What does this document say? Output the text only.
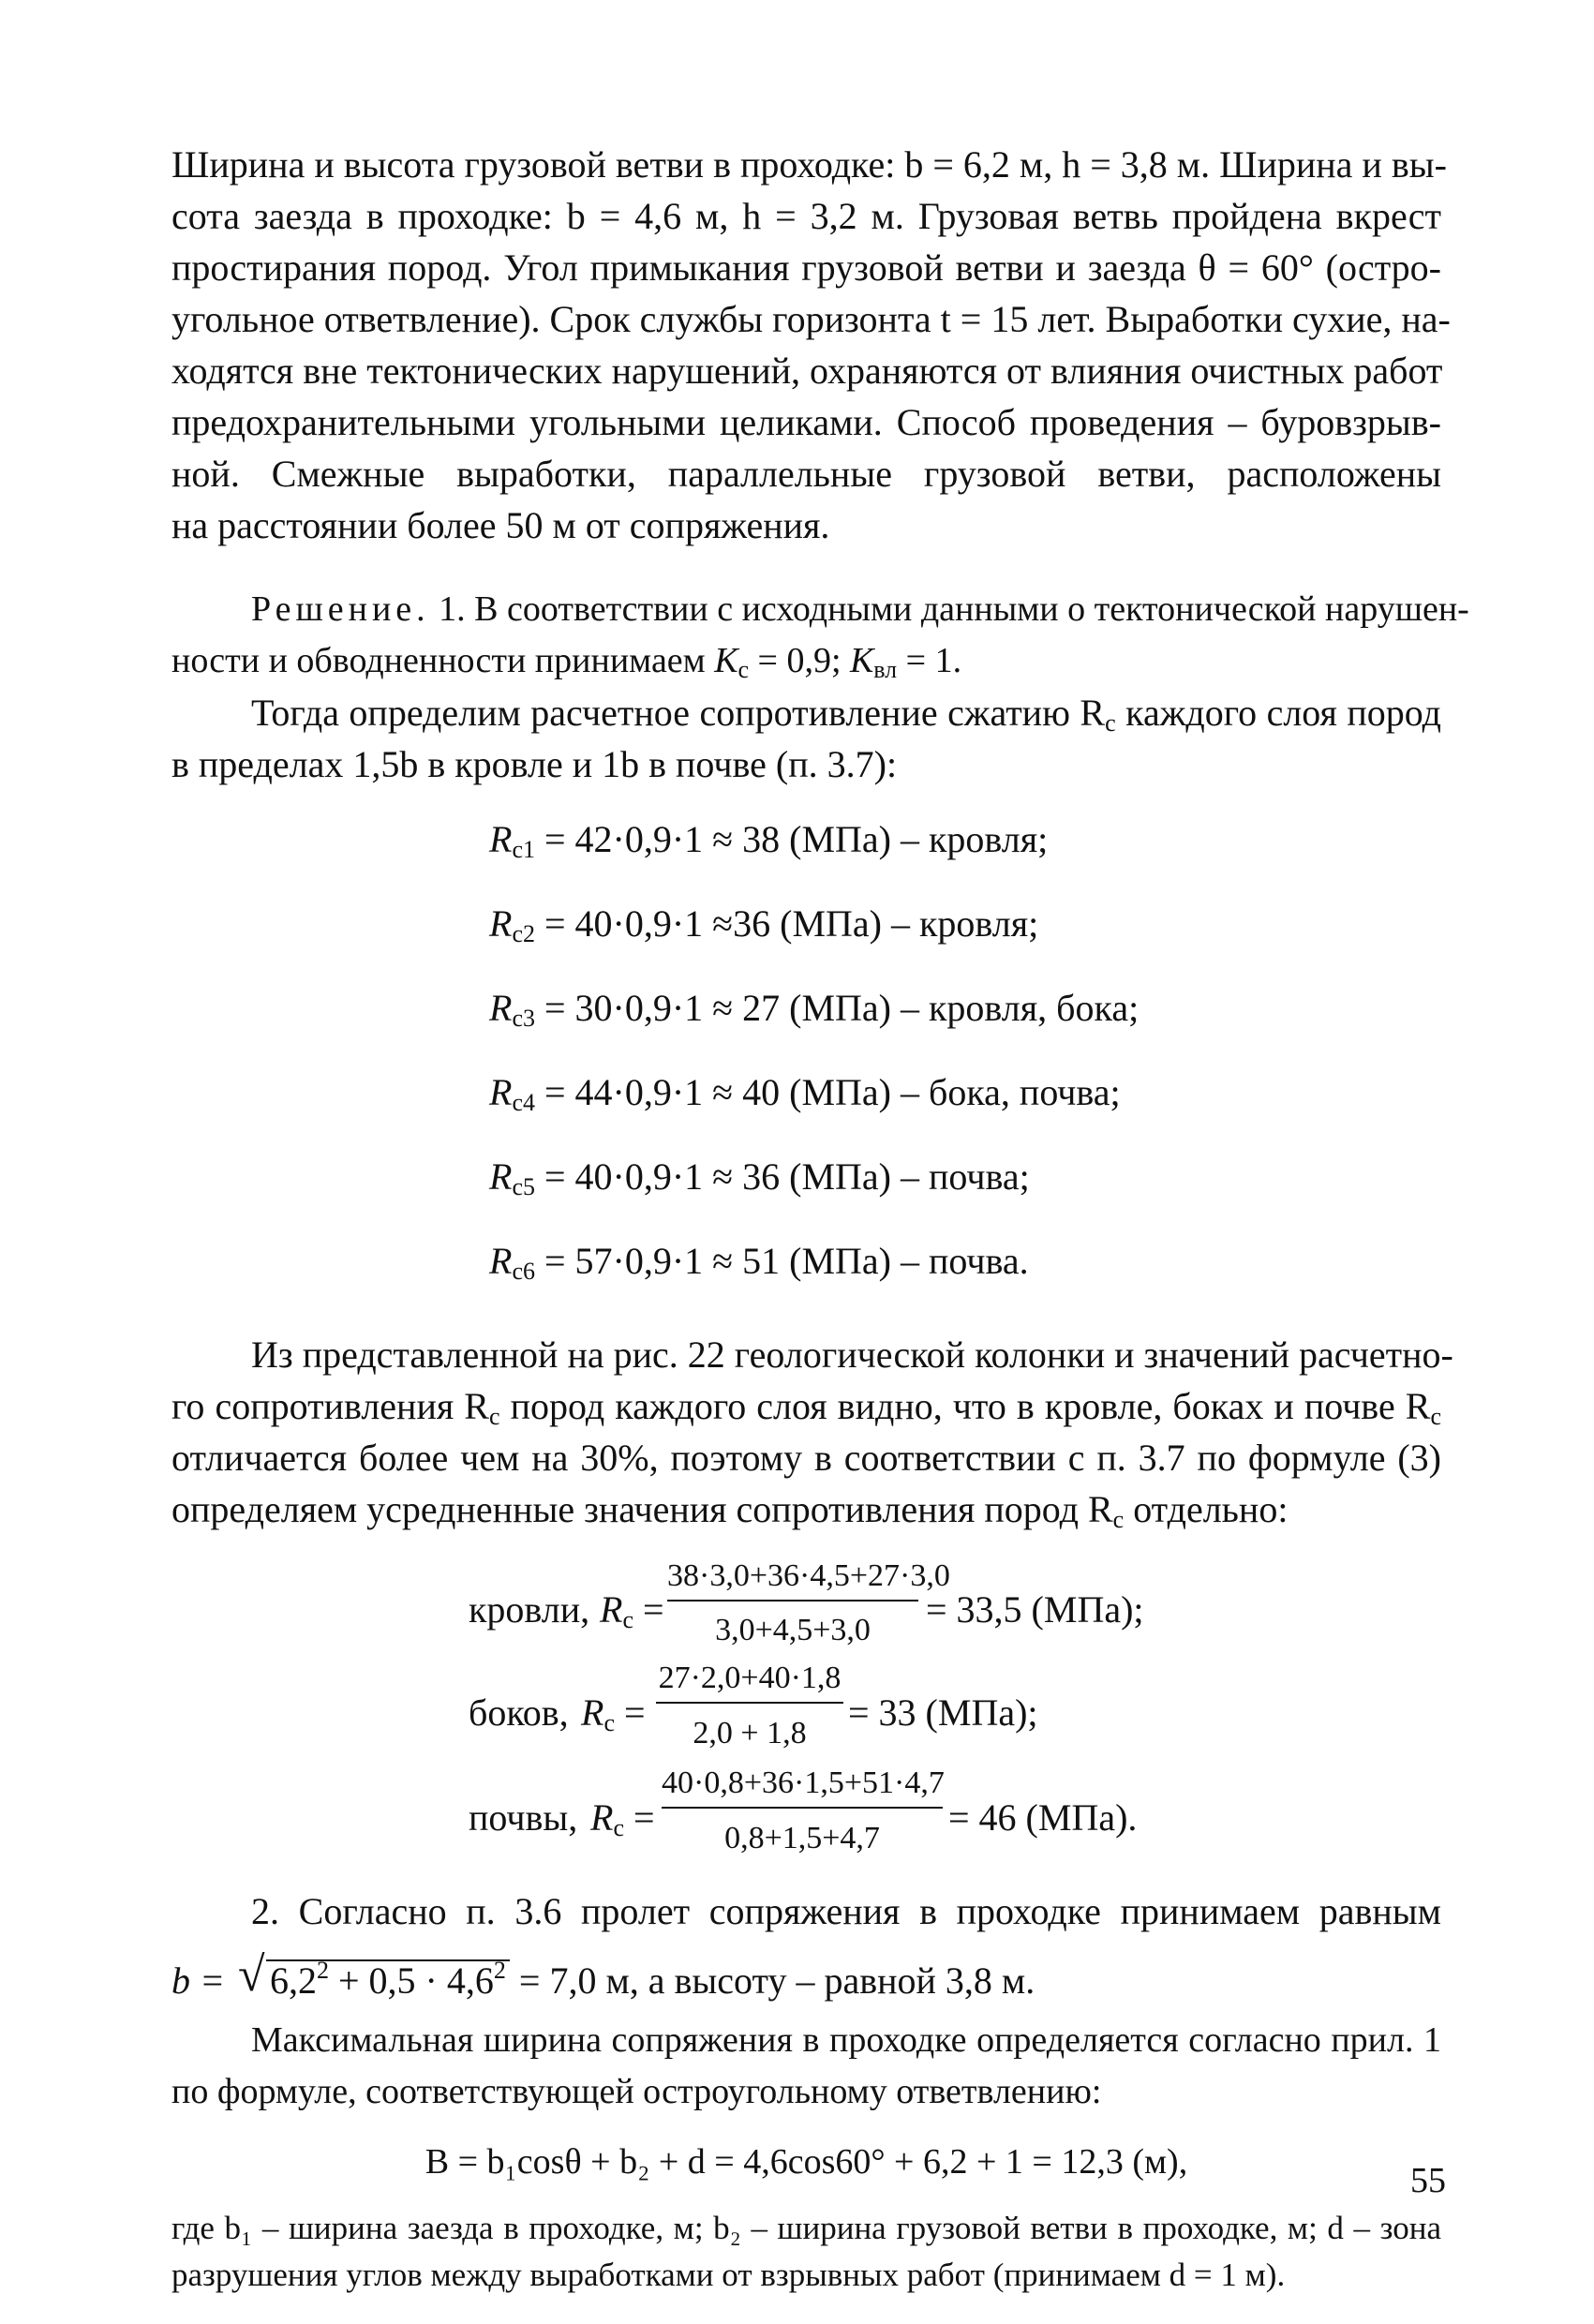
Ширина и высота грузовой ветви в проходке: b = 6,2 м, h = 3,8 м. Ширина и вы-
сота заезда в проходке: b = 4,6 м, h = 3,2 м. Грузовая ветвь пройдена вкрест
простирания пород. Угол примыкания грузовой ветви и заезда θ = 60° (остро-
угольное ответвление). Срок службы горизонта t = 15 лет. Выработки сухие, на-
ходятся вне тектонических нарушений, охраняются от влияния очистных работ
предохранительными угольными целиками. Способ проведения – буровзрыв-
ной. Смежные выработки, параллельные грузовой ветви, расположены
на расстоянии более 50 м от сопряжения.
Решение. 1. В соответствии с исходными данными о тектонической нарушен-
ности и обводненности принимаем $К_с = 0,9$; $К_{вл} = 1$.
Тогда определим расчетное сопротивление сжатию $R_с$ каждого слоя пород
в пределах 1,5b в кровле и 1b в почве (п. 3.7):
$R_{с1} = 42\cdot 0,9\cdot 1 \approx 38$ (МПа) – кровля;
$R_{с2} = 40\cdot 0,9\cdot 1 \approx 36$ (МПа) – кровля;
$R_{с3} = 30\cdot 0,9\cdot 1 \approx 27$ (МПа) – кровля, бока;
$R_{с4} = 44\cdot 0,9\cdot 1 \approx 40$ (МПа) – бока, почва;
$R_{с5} = 40\cdot 0,9\cdot 1 \approx 36$ (МПа) – почва;
$R_{с6} = 57\cdot 0,9\cdot 1 \approx 51$ (МПа) – почва.
Из представленной на рис. 22 геологической колонки и значений расчетно-
го сопротивления $R_с$ пород каждого слоя видно, что в кровле, боках и почве $R_с$
отличается более чем на 30%, поэтому в соответствии с п. 3.7 по формуле (3)
определяем усредненные значения сопротивления пород $R_с$ отдельно:
кровли, $R_с$ =
38·3,0+36·4,5+27·3,0
3,0+4,5+3,0	= 33,5 (МПа);
боков, $R_с$ =
27·2,0+40·1,8
2,0 + 1,8	= 33 (МПа);
почвы, $R_с$ =
40·0,8+36·1,5+51·4,7
0,8+1,5+4,7	= 46 (МПа).
2. Согласно п. 3.6 пролет сопряжения в проходке принимаем равным
b = √ $6,2^2 + 0,5 \cdot 4,6^2 = 7,0$ м, а высоту – равной 3,8 м.
Максимальная ширина сопряжения в проходке определяется согласно прил. 1
по формуле, соответствующей остроугольному ответвлению:
B = b₁cosθ + b₂ + d = 4,6cos60° + 6,2 + 1 = 12,3 (м),
где b₁ – ширина заезда в проходке, м; b₂ – ширина грузовой ветви в проходке, м; d – зона
разрушения углов между выработками от взрывных работ (принимаем d = 1 м).
55
